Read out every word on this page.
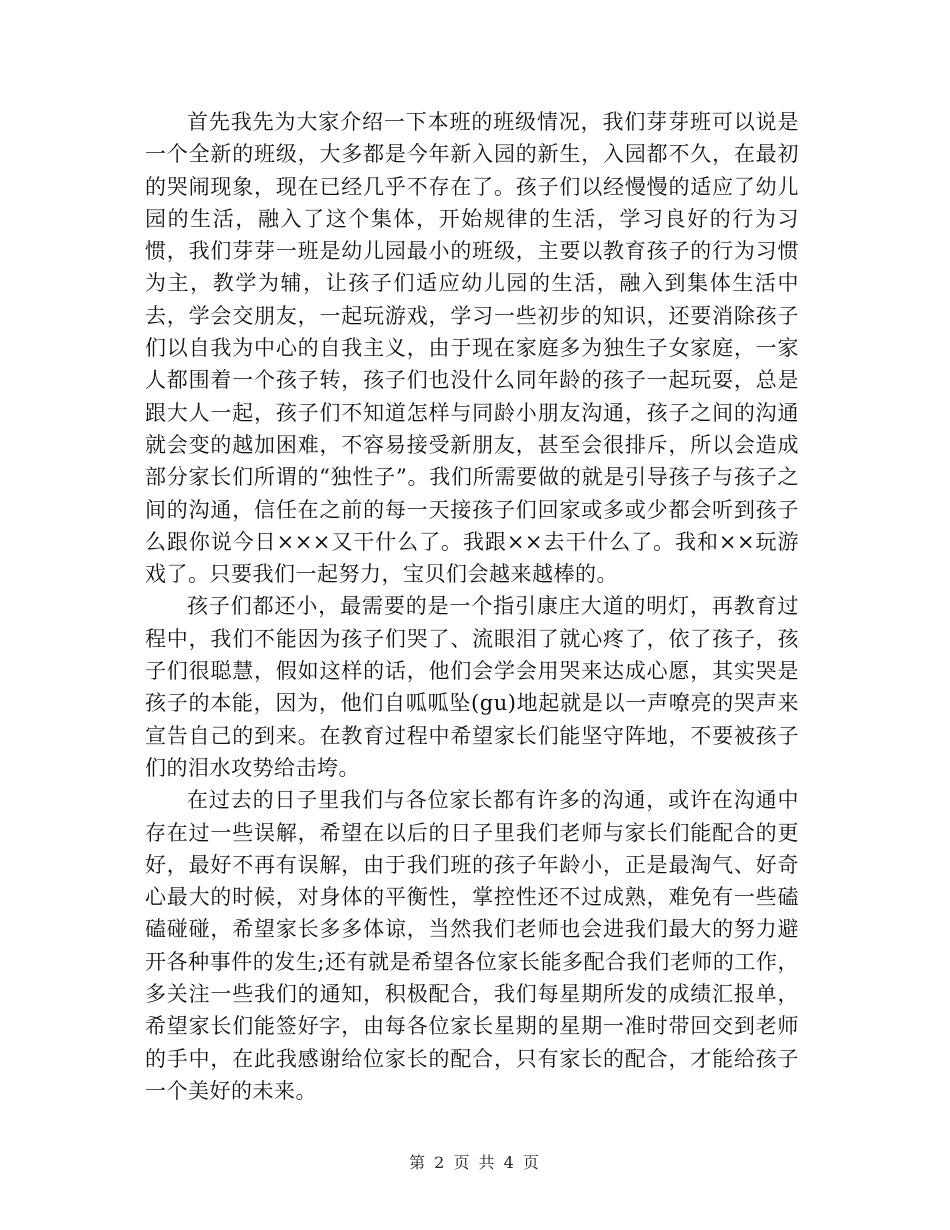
首先我先为大家介绍一下本班的班级情况，我们芽芽班可以说是一个全新的班级，大多都是今年新入园的新生，入园都不久，在最初的哭闹现象，现在已经几乎不存在了。孩子们以经慢慢的适应了幼儿园的生活，融入了这个集体，开始规律的生活，学习良好的行为习惯，我们芽芽一班是幼儿园最小的班级，主要以教育孩子的行为习惯为主，教学为辅，让孩子们适应幼儿园的生活，融入到集体生活中去，学会交朋友，一起玩游戏，学习一些初步的知识，还要消除孩子们以自我为中心的自我主义，由于现在家庭多为独生子女家庭，一家人都围着一个孩子转，孩子们也没什么同年龄的孩子一起玩耍，总是跟大人一起，孩子们不知道怎样与同龄小朋友沟通，孩子之间的沟通就会变的越加困难，不容易接受新朋友，甚至会很排斥，所以会造成部分家长们所谓的“独性子”。我们所需要做的就是引导孩子与孩子之间的沟通，信任在之前的每一天接孩子们回家或多或少都会听到孩子么跟你说今日×××又干什么了。我跟××去干什么了。我和××玩游戏了。只要我们一起努力，宝贝们会越来越棒的。

孩子们都还小，最需要的是一个指引康庄大道的明灯，再教育过程中，我们不能因为孩子们哭了、流眼泪了就心疼了，依了孩子，孩子们很聪慧，假如这样的话，他们会学会用哭来达成心愿，其实哭是孩子的本能，因为，他们自呱呱坠(gu)地起就是以一声嘹亮的哭声来宣告自己的到来。在教育过程中希望家长们能坚守阵地，不要被孩子们的泪水攻势给击垮。

在过去的日子里我们与各位家长都有许多的沟通，或许在沟通中存在过一些误解，希望在以后的日子里我们老师与家长们能配合的更好，最好不再有误解，由于我们班的孩子年龄小，正是最淘气、好奇心最大的时候，对身体的平衡性，掌控性还不过成熟，难免有一些磕磕碰碰，希望家长多多体谅，当然我们老师也会进我们最大的努力避开各种事件的发生;还有就是希望各位家长能多配合我们老师的工作，多关注一些我们的通知，积极配合，我们每星期所发的成绩汇报单，希望家长们能签好字，由每各位家长星期的星期一准时带回交到老师的手中，在此我感谢给位家长的配合，只有家长的配合，才能给孩子一个美好的未来。

第 2 页 共 4 页
